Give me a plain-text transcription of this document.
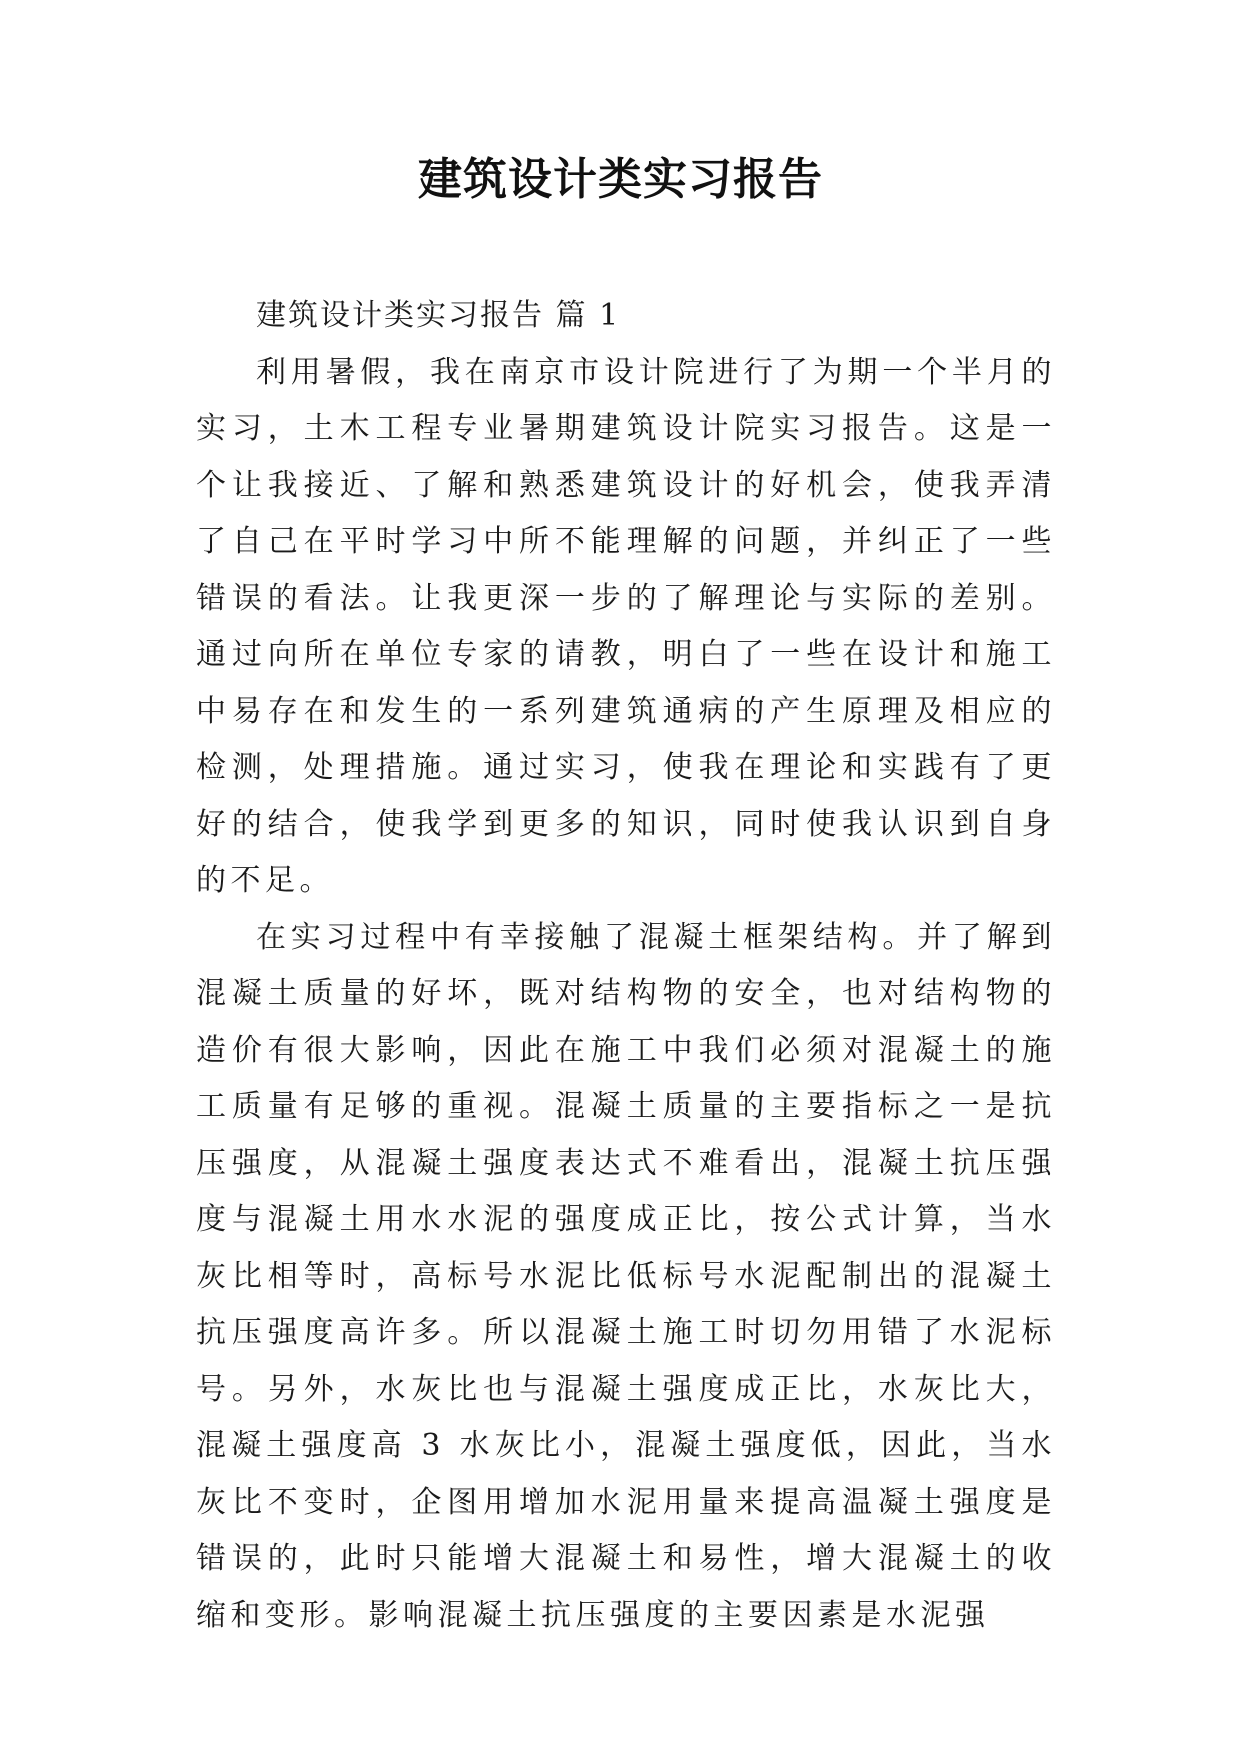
建筑设计类实习报告

建筑设计类实习报告 篇 1

利用暑假，我在南京市设计院进行了为期一个半月的实习，土木工程专业暑期建筑设计院实习报告。这是一个让我接近、了解和熟悉建筑设计的好机会，使我弄清了自己在平时学习中所不能理解的问题，并纠正了一些错误的看法。让我更深一步的了解理论与实际的差别。通过向所在单位专家的请教，明白了一些在设计和施工中易存在和发生的一系列建筑通病的产生原理及相应的检测，处理措施。通过实习，使我在理论和实践有了更好的结合，使我学到更多的知识，同时使我认识到自身的不足。

在实习过程中有幸接触了混凝土框架结构。并了解到混凝土质量的好坏，既对结构物的安全，也对结构物的造价有很大影响，因此在施工中我们必须对混凝土的施工质量有足够的重视。混凝土质量的主要指标之一是抗压强度，从混凝土强度表达式不难看出，混凝土抗压强度与混凝土用水水泥的强度成正比，按公式计算，当水灰比相等时，高标号水泥比低标号水泥配制出的混凝土抗压强度高许多。所以混凝土施工时切勿用错了水泥标号。另外，水灰比也与混凝土强度成正比，水灰比大，混凝土强度高 3 水灰比小，混凝土强度低，因此，当水灰比不变时，企图用增加水泥用量来提高温凝土强度是错误的，此时只能增大混凝土和易性，增大混凝土的收缩和变形。影响混凝土抗压强度的主要因素是水泥强
